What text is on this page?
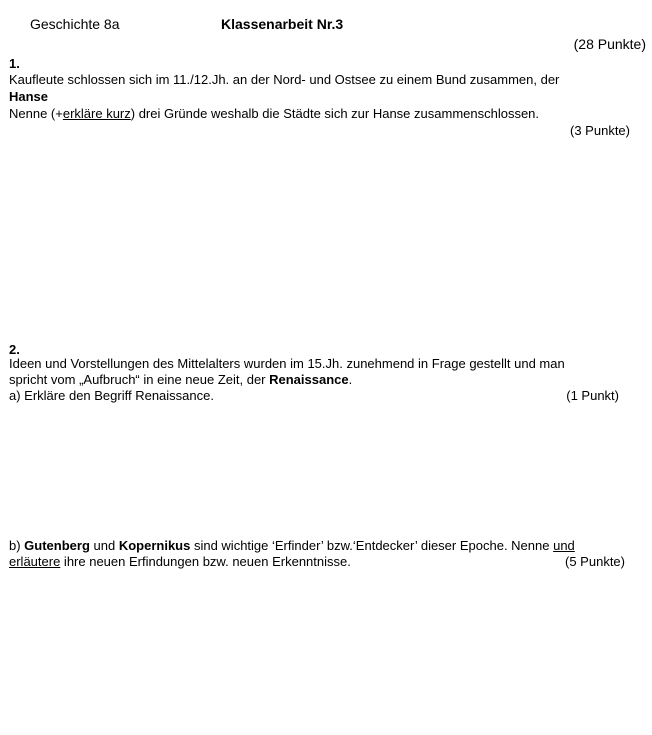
Geschichte 8a	Klassenarbeit Nr.3
(28 Punkte)
1.
Kaufleute schlossen sich im 11./12.Jh. an der Nord- und Ostsee zu einem Bund zusammen, der
Hanse
Nenne (+erkläre kurz) drei Gründe weshalb die Städte sich zur Hanse zusammenschlossen.
(3 Punkte)
2.
Ideen und Vorstellungen des Mittelalters wurden im 15.Jh. zunehmend in Frage gestellt und man
spricht vom „Aufbruch“ in eine neue Zeit, der Renaissance.
a) Erkläre den Begriff Renaissance.	(1 Punkt)
b) Gutenberg und Kopernikus sind wichtige ‘Erfinder’ bzw.‘Entdecker’ dieser Epoche. Nenne und
erläutere ihre neuen Erfindungen bzw. neuen Erkenntnisse.	(5 Punkte)
